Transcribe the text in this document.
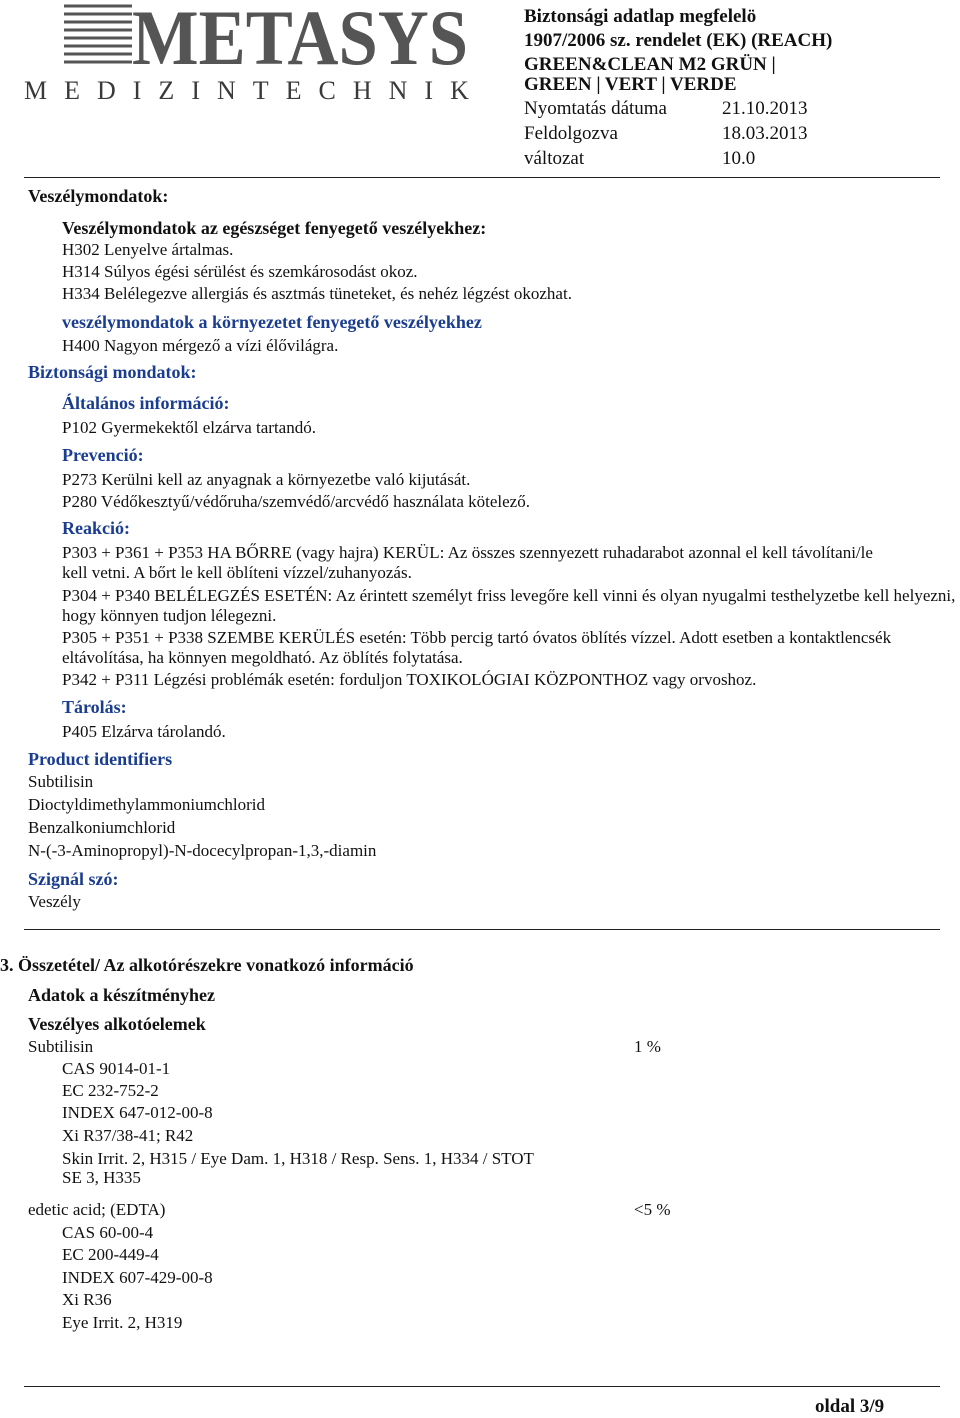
METASYS
MEDIZINTECHNIK
Biztonsági adatlap megfelelö
1907/2006 sz. rendelet (EK) (REACH)
GREEN&CLEAN M2 GRÜN |
GREEN | VERT | VERDE
Nyomtatás dátuma	21.10.2013
Feldolgozva	18.03.2013
változat	10.0
Veszélymondatok:
Veszélymondatok az egészséget fenyegető veszélyekhez:
H302 Lenyelve ártalmas.
H314 Súlyos égési sérülést és szemkárosodást okoz.
H334 Belélegezve allergiás és asztmás tüneteket, és nehéz légzést okozhat.
veszélymondatok a környezetet fenyegető veszélyekhez
H400 Nagyon mérgező a vízi élővilágra.
Biztonsági mondatok:
Általános információ:
P102 Gyermekektől elzárva tartandó.
Prevenció:
P273 Kerülni kell az anyagnak a környezetbe való kijutását.
P280 Védőkesztyű/védőruha/szemvédő/arcvédő használata kötelező.
Reakció:
P303 + P361 + P353 HA BŐRRE (vagy hajra) KERÜL: Az összes szennyezett ruhadarabot azonnal el kell távolítani/le kell vetni. A bőrt le kell öblíteni vízzel/zuhanyozás.
P304 + P340 BELÉLEGZÉS ESETÉN: Az érintett személyt friss levegőre kell vinni és olyan nyugalmi testhelyzetbe kell helyezni, hogy könnyen tudjon lélegezni.
P305 + P351 + P338 SZEMBE KERÜLÉS esetén: Több percig tartó óvatos öblítés vízzel. Adott esetben a kontaktlencsék eltávolítása, ha könnyen megoldható. Az öblítés folytatása.
P342 + P311 Légzési problémák esetén: forduljon TOXIKOLÓGIAI KÖZPONTHOZ vagy orvoshoz.
Tárolás:
P405 Elzárva tárolandó.
Product identifiers
Subtilisin
Dioctyldimethylammoniumchlorid
Benzalkoniumchlorid
N-(-3-Aminopropyl)-N-docecylpropan-1,3,-diamin
Szignál szó:
Veszély
3. Összetétel/ Az alkotórészekre vonatkozó információ
Adatok a készítményhez
Veszélyes alkotóelemek
Subtilisin	1 %
CAS 9014-01-1
EC 232-752-2
INDEX 647-012-00-8
Xi R37/38-41; R42
Skin Irrit. 2, H315 / Eye Dam. 1, H318 / Resp. Sens. 1, H334 / STOT
SE 3, H335
edetic acid; (EDTA)	<5 %
CAS 60-00-4
EC 200-449-4
INDEX 607-429-00-8
Xi R36
Eye Irrit. 2, H319
oldal 3/9
